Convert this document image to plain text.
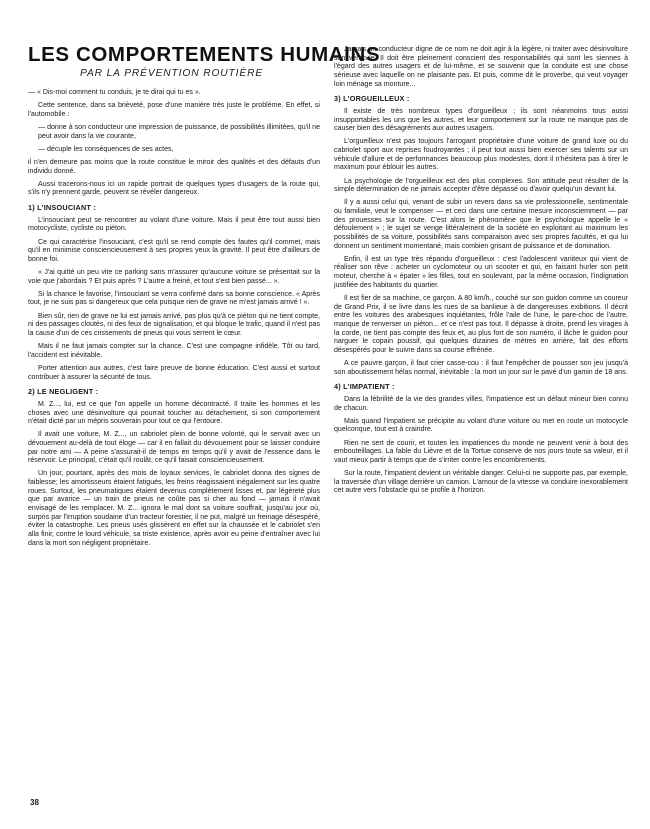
LES COMPORTEMENTS HUMAINS
PAR LA PRÉVENTION ROUTIÈRE

— « Dis-moi comment tu conduis, je te dirai qui tu es ».

Cette sentence, dans sa brièveté, pose d'une manière très juste le problème. En effet, si l'automobile :

— donne à son conducteur une impression de puissance, de possibilités illimitées, qu'il ne peut avoir dans la vie courante,

— décuple les conséquences de ses actes,

il n'en demeure pas moins que la route constitue le miroir des qualités et des défauts d'un individu donné.

Aussi tracerons-nous ici un rapide portrait de quelques types d'usagers de la route qui, s'ils n'y prennent garde, peuvent se révéler dangereux.

1) L'INSOUCIANT :

L'insouciant peut se rencontrer au volant d'une voiture. Mais il peut être tout aussi bien motocycliste, cycliste ou piéton.

Ce qui caractérise l'insouciant, c'est qu'il se rend compte des fautes qu'il commet, mais qu'il en minimise consciencieusement à ses propres yeux la gravité. Il peut être d'ailleurs de bonne foi.

« J'ai quitté un peu vite ce parking sans m'assurer qu'aucune voiture se présentait sur la voie que j'abordais ? Et puis après ? L'autre a freiné, et tout s'est bien passé... ».

Si la chance le favorise, l'insouciant se verra confirmé dans sa bonne conscience. « Après tout, je ne suis pas si dangereux que cela puisque rien de grave ne m'est jamais arrivé ! ».

Bien sûr, rien de grave ne lui est jamais arrivé, pas plus qu'à ce piéton qui ne tient compte, ni des passages cloutés, ni des feux de signalisation, et qui bloque le trafic, quand il n'est pas la cause d'un de ces crissements de pneus qui vous serrent le cœur.

Mais il ne faut jamais compter sur la chance. C'est une compagne infidèle. Tôt ou tard, l'accident est inévitable.

Porter attention aux autres, c'est faire preuve de bonne éducation. C'est aussi et surtout contribuer à assurer la sécurité de tous.

2) LE NEGLIGENT :

M. Z..., lui, est ce que l'on appelle un homme décontracté. Il traite les hommes et les choses avec une désinvolture qui pourrait toucher au détachement, si son comportement n'était dicté par un mépris souverain pour tout ce qui l'entoure.

Il avait une voiture, M. Z..., un cabriolet plein de bonne volonté, qui le servait avec un dévouement au-delà de tout éloge — car il en fallait du dévouement pour se laisser conduire par notre ami — A peine s'assurait-il de temps en temps qu'il y avait de l'essence dans le réservoir. Le principal, c'était qu'il roulât, ce qu'il faisait consciencieusement.

Un jour, pourtant, après des mois de loyaux services, le cabriolet donna des signes de faiblesse; les amortisseurs étaient fatigués, les freins réagissaient inégalement sur les quatre roues. Surtout, les pneumatiques étaient devenus complètement lisses et, par légèreté plus que par avarice — un train de pneus ne coûte pas si cher au fond — jamais il n'avait envisagé de les remplacer. M. Z... ignora le mal dont sa voiture souffrait, jusqu'au jour où, surpris par l'irruption soudaine d'un tracteur forestier, il ne put, malgré un freinage désespéré, éviter la catastrophe. Les pneus usés glissèrent en effet sur la chaussée et le cabriolet s'en alla finir, contre le lourd véhicule, sa triste existence, après avoir eu peine d'entraîner avec lui dans la mort son négligent propriétaire.

Jamais un conducteur digne de ce nom ne doit agir à la légère, ni traiter avec désinvolture son véhicule. Il doit être pleinement conscient des responsabilités qui sont les siennes à l'égard des autres usagers et de lui-même, et se souvenir que la conduite est une chose sérieuse avec laquelle on ne plaisante pas. Et puis, comme dit le proverbe, qui veut voyager loin ménage sa monture...

3) L'ORGUEILLEUX :

Il existe de très nombreux types d'orgueilleux ; ils sont néanmoins tous aussi insupportables les uns que les autres, et leur comportement sur la route ne manque pas de causer bien des désagréments aux autres usagers.

L'orgueilleux n'est pas toujours l'arrogant propriétaire d'une voiture de grand luxe ou du cabriolet sport aux reprises foudroyantes ; il peut tout aussi bien exercer ses talents sur un véhicule d'allure et de performances beaucoup plus modestes, dont il n'hésitera pas à tirer le maximum pour éblouir les autres.

La psychologie de l'orgueilleux est des plus complexes. Son attitude peut résulter de la simple détermination de ne jamais accepter d'être dépassé ou d'avoir quelqu'un devant lui.

Il y a aussi celui qui, venant de subir un revers dans sa vie professionnelle, sentimentale ou familiale, veut le compenser — et ceci dans une certaine mesure inconsciemment — par des prouesses sur la route. C'est alors le phénomène que le psychologue appelle le « défoulement » ; le sujet se venge littéralement de la société en exploitant au maximum les possibilités de sa voiture, possibilités sans comparaison avec ses propres facultés, et qui lui donnent un sentiment momentané, mais combien grisant de puissance et de domination.

Enfin, il est un type très répandu d'orgueilleux : c'est l'adolescent vaniteux qui vient de réaliser son rêve : acheter un cyclomoteur ou un scooter et qui, en faisant hurler son petit moteur, cherche à « épater » les filles, tout en soulevant, par la même occasion, l'indignation justifiée des habitants du quartier.

Il est fier de sa machine, ce garçon. A 80 km/h., couché sur son guidon comme un coureur de Grand Prix, il se livre dans les rues de sa banlieue à de dangereuses exibitions. Il décrit entre les voitures des arabesques inquiétantes, frôle l'aile de l'une, le pare-choc de l'autre, manque de renverser un piéton... et ce n'est pas tout. Il dépasse à droite, prend les virages à la corde, ne tient pas compte des feux et, au plus fort de son numéro, il lâche le guidon pour narguer le copain poussif, qui quelques dizaines de mètres en arrière, fait des efforts désespérés pour le suivre dans sa course effrénée.

A ce pauvre garçon, il faut crier casse-cou : il faut l'empêcher de pousser son jeu jusqu'à son aboutissement hélas normal, inévitable : la mort un jour sur le pavé d'un gamin de 18 ans.

4) L'IMPATIENT :

Dans la fébrilité de la vie des grandes villes, l'impatience est un défaut mineur bien connu de chacun.

Mais quand l'impatient se précipite au volant d'une voiture ou met en route un motocycle quelconque, tout est à craindre.

Rien ne sert de courir, et toutes les impatiences du monde ne peuvent venir à bout des embouteillages. La fable du Lièvre et de la Tortue conserve de nos jours toute sa valeur, et il vaut mieux partir à temps que de s'irriter contre les encombrements.

Sur la route, l'impatient devient un véritable danger. Celui-ci ne supporte pas, par exemple, la traversée d'un village derrière un camion. L'amour de la vitesse va conduire inexorablement cet autre vers l'obstacle qui se profile à l'horizon.

38
